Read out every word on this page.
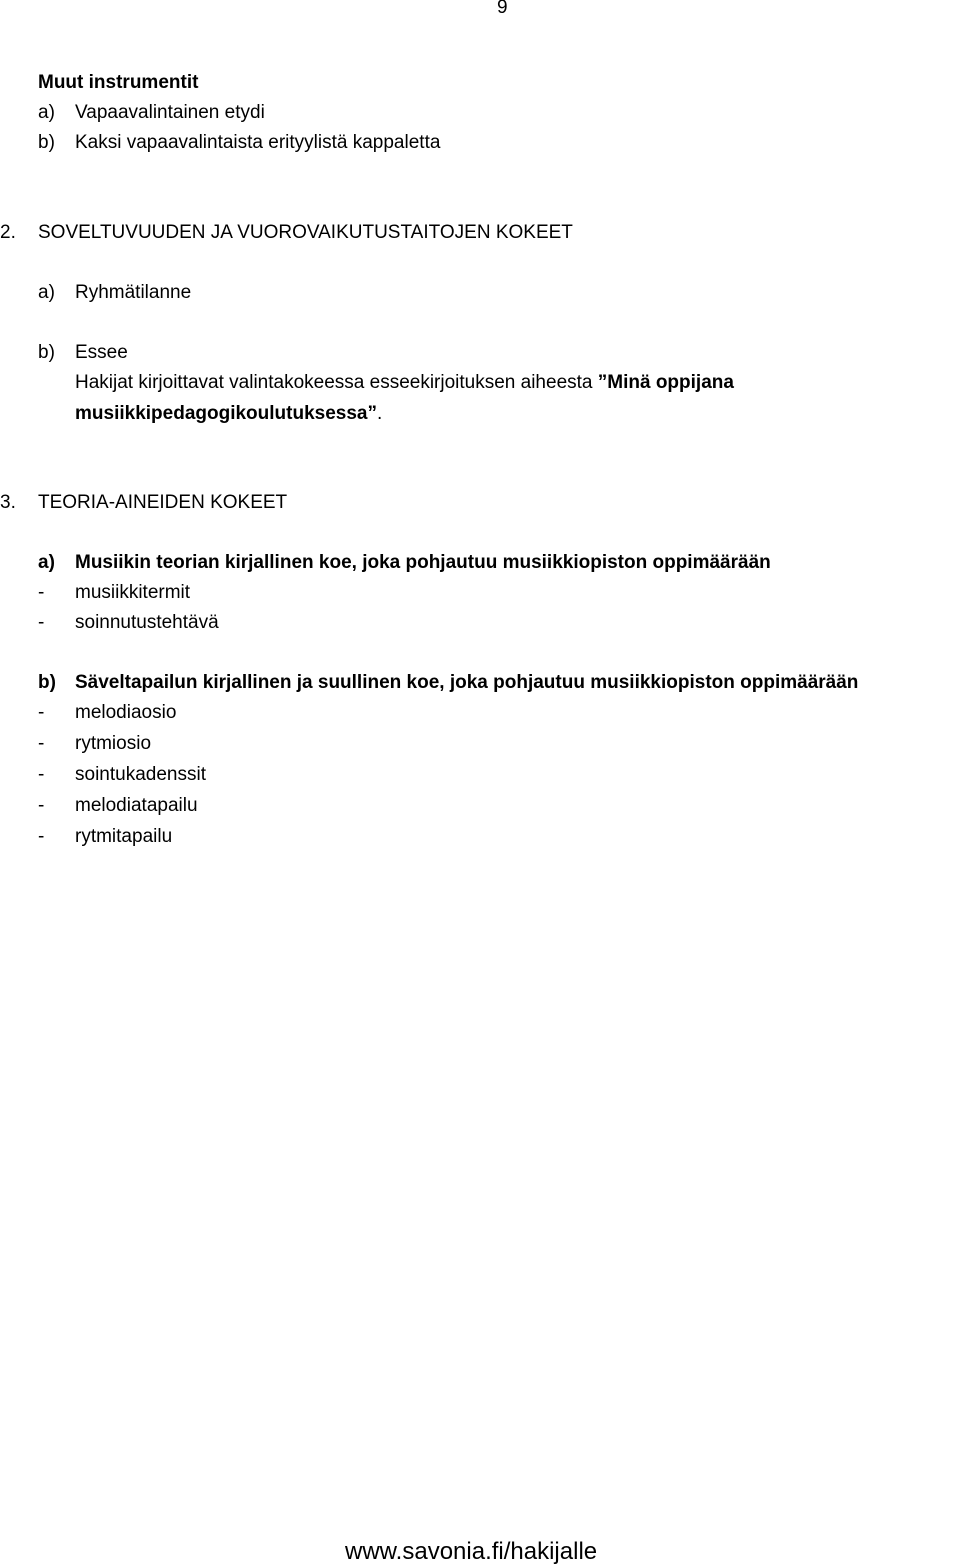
9
Muut instrumentit
a) Vapaavalintainen etydi
b) Kaksi vapaavalintaista erityylistä kappaletta
2. SOVELTUVUUDEN JA VUOROVAIKUTUSTAITOJEN KOKEET
a) Ryhmätilanne
b) Essee
Hakijat kirjoittavat valintakokeessa esseekirjoituksen aiheesta ”Minä oppijana
musiikkipedagogikoulutuksessa”.
3. TEORIA-AINEIDEN KOKEET
a) Musiikin teorian kirjallinen koe, joka pohjautuu musiikkiopiston oppimäärään
- musiikkitermit
- soinnutustehtävä
b) Säveltapailun kirjallinen ja suullinen koe, joka pohjautuu musiikkiopiston oppimäärään
- melodiaosio
- rytmiosio
- sointukadenssit
- melodiatapailu
- rytmitapailu
www.savonia.fi/hakijalle
